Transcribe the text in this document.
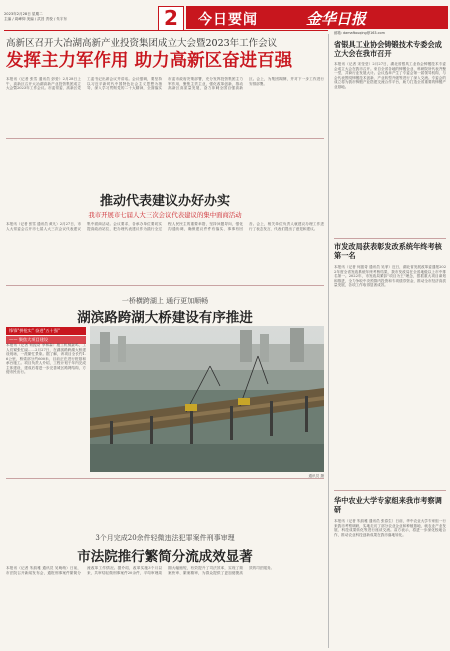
2023年2月28日 星期二
主编 / 周峰仰 美编 / 武昌 责校 / 朱宇东	2	今日要闻	金华日报
邮箱: damaftouqing@163.com
高新区召开大冶湖高新产业投资集团成立大会暨2023年工作会议
发挥主力军作用 助力高新区奋进百强
本报讯（记者 张雪 通讯员 彭爱）2月28日上午，高新区召开大冶湖高新产业投资集团成立大会暨2023年工作会议。市委常委、高新区党工委书记出席会议并讲话。会议强调，要坚持以习近平新时代中国特色社会主义思想为指导，深入学习贯彻党的二十大精神，全面落实市委市政府决策部署，充分发挥投资集团主力军作用，聚焦主责主业，强化改革创新，推动高新区高质量发展，奋力冲刺全国百强高新区。会上，为集团揭牌，并对下一步工作进行安排部署。
推动代表建议办好办实
我市开展市七届人大三次会议代表建议的集中面商活动
本报讯（记者 张雪 通讯员 黄凡）2月27日，市人大常委会召开市七届人大三次会议代表建议集中面商活动。会议要求，各承办单位要切实提高政治站位，把办理代表建议作为践行全过程人民民主的重要举措，坚持问题导向，强化沟通协调，确保建议件件有落实、事事有回音。会上，相关单位负责人就建议办理工作进行了表态发言，代表们提出了意见和建议。
一桥横跨湖上 通行更加顺畅
湖滨路跨湖大桥建设有序推进
锋锋"拼抢实" 奋进"五十强"
—— 聚焦大项目建设
本报讯（记者 何振奇 李林森）施工机械轰鸣，工人们紧张忙碌……2月27日，在湖滨路跨湖大桥建设现场，一派繁忙景象。据了解，该项目全长约1.6公里，桥梁部分约600米，目前正在进行桩基和承台施工。项目负责人介绍，工程计划于年内完成主体建设，建成后将进一步完善城区路网结构，方便市民出行。
通讯员 摄
3个月完成20余件轻微违法犯罪案件刑事审理
市法院推行繁简分流成效显著
本报讯（记者 朱韵雅 通讯员 吴萌萌）日前，市法院召开新闻发布会，通报刑事案件繁简分流改革工作情况。据介绍，改革实施3个月以来，共审结轻微刑事案件20余件，平均审理周期大幅缩短，有效提升了司法效率，实现了简案快审、繁案精审，为群众提供了更加便捷高效的司法服务。
省银具工业协会铸锻技术专委会成立大会在我市召开
本报讯（记者 宋莹莹）2月27日，湖北省银具工业协会铸锻技术专委会成立大会在我市召开。来自全省各地的铸锻企业、科研院所代表齐聚一堂，共商行业发展大计。会议选举产生了专委会第一届领导机构，与会代表围绕铸锻技术创新、产业转型升级等进行了深入交流。专委会的成立将为我市铸锻产业搭建交流合作平台，助力打造全省重要的铸锻产业基地。
市发改局获表彰发改系统年终考核第一名
本报讯（记者 何振奇 通讯员 吴菲）近日，湖北省发展改革委通报2022年度全省发改系统年终考核结果，我市发改局在全省地级以上市中排名第一。2022年，市发改局紧扣"项目为王"理念，狠抓重大项目谋划和推进，全力争取中央预算内投资和专项债券资金，推动全市经济高质量发展，各项工作取得显著成效。
华中农业大学专家组来我市考察调研
本报讯（记者 朱韵雅 通讯员 张春生）日前，华中农业大学专家组一行来我市考察调研，实地走访了部分农业企业和种植基地，就农业产业发展、科技成果转化等进行座谈交流。双方表示，将进一步深化校地合作，推动农业科技创新成果在我市落地转化。
